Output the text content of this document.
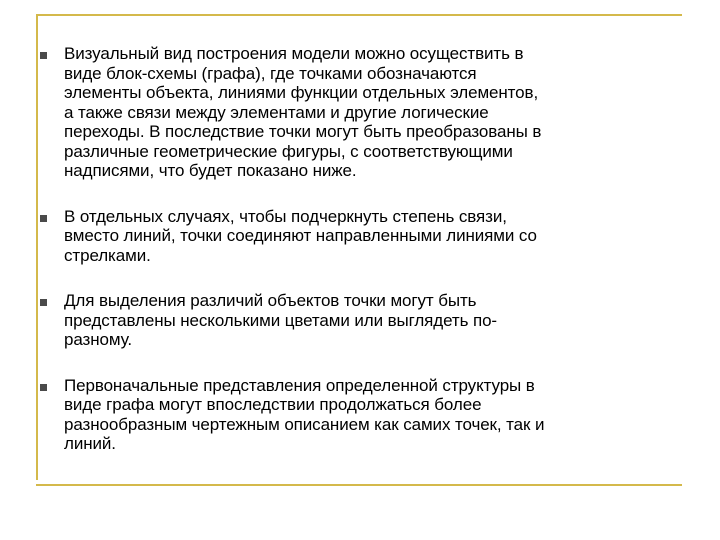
Визуальный вид построения модели можно осуществить в
виде блок-схемы (графа), где точками обозначаются
элементы объекта, линиями функции отдельных элементов,
а также связи между элементами и другие логические
переходы. В последствие точки могут быть преобразованы в
различные геометрические фигуры, с соответствующими
надписями, что будет показано ниже.
В отдельных случаях, чтобы подчеркнуть степень связи,
вместо линий, точки соединяют направленными линиями со
стрелками.
Для выделения различий объектов точки могут быть
представлены несколькими цветами или выглядеть по-
разному.
Первоначальные представления определенной структуры в
виде графа могут впоследствии продолжаться более
разнообразным чертежным описанием как самих точек, так и
линий.
